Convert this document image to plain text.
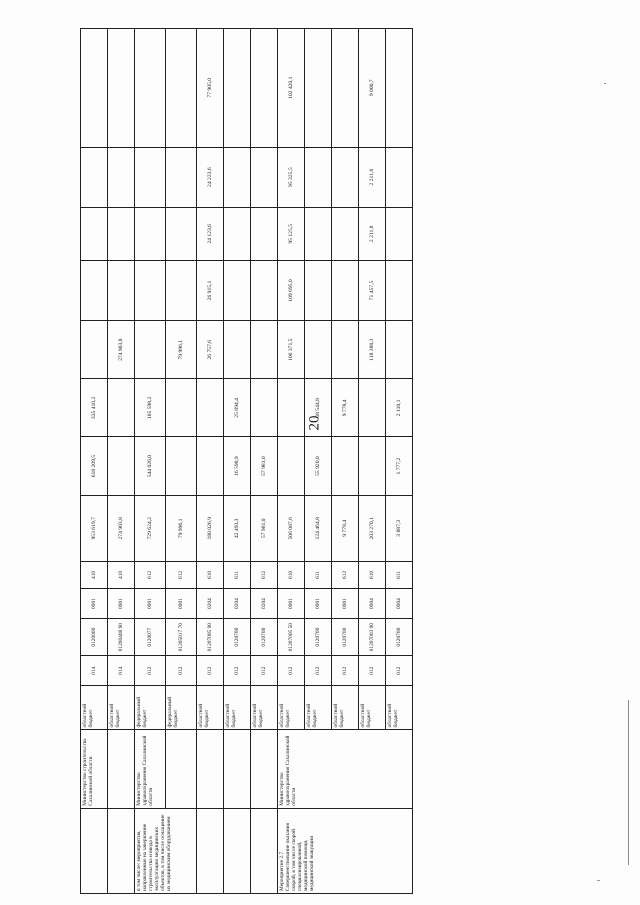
20
	Министерство строительства Сахалинской области	областной бюджет	014	0120000	0901	410	953 619,7	618 209,5	335 410,2					
		областной бюджет	014	01200408 90	0901	410	274 903,8			274 903,8				
в том числе: мероприятия, направленные на завершение строительства и ввода в эксплуатацию медицинских объектов, в том числе оснащение их медицинским оборудованием	Министерство здравоохранения Сахалинской области	федеральный бюджет	012	0120077	0901	612	729 624,2	544 026,0	185 598,2					
		федеральный бюджет	012	01205017 70	0901	612	79 996,1			79 996,1				
		областной бюджет	012	01207005 90	0204	610	180 026,9			26 757,6	26 915,1	24 123,6	24 223,6	77 905,0
		областной бюджет	012	0120700	0204	611	42 493,3	16 598,9	25 894,4					
		областной бюджет	012	0120700	0204	612	57 981,0	57 981,0						
Мероприятие 2.7 Совершенствование оказания скорой, в том числе скорой специализированной, медицинской помощи, медицинской эвакуации	Министерство здравоохранения Сахалинской области	областной бюджет	012	01207005 50	0901	610	506 087,6			106 371,5	109 695,0	95 125,5	95 325,5	102 420,1
		областной бюджет	012	0120700	0901	611	124 464,8	55 920,0	68 544,8					
		областной бюджет	012	0120700	0901	612	9 778,4		9 778,4					
		областной бюджет	012	01207003 90	0904	610	203 270,1			118 388,3	71 457,5	2 211,8	2 211,8	9 000,7
		областной бюджет	012	0120700	0904	611	3 887,3	1 777,2	2 110,1					
